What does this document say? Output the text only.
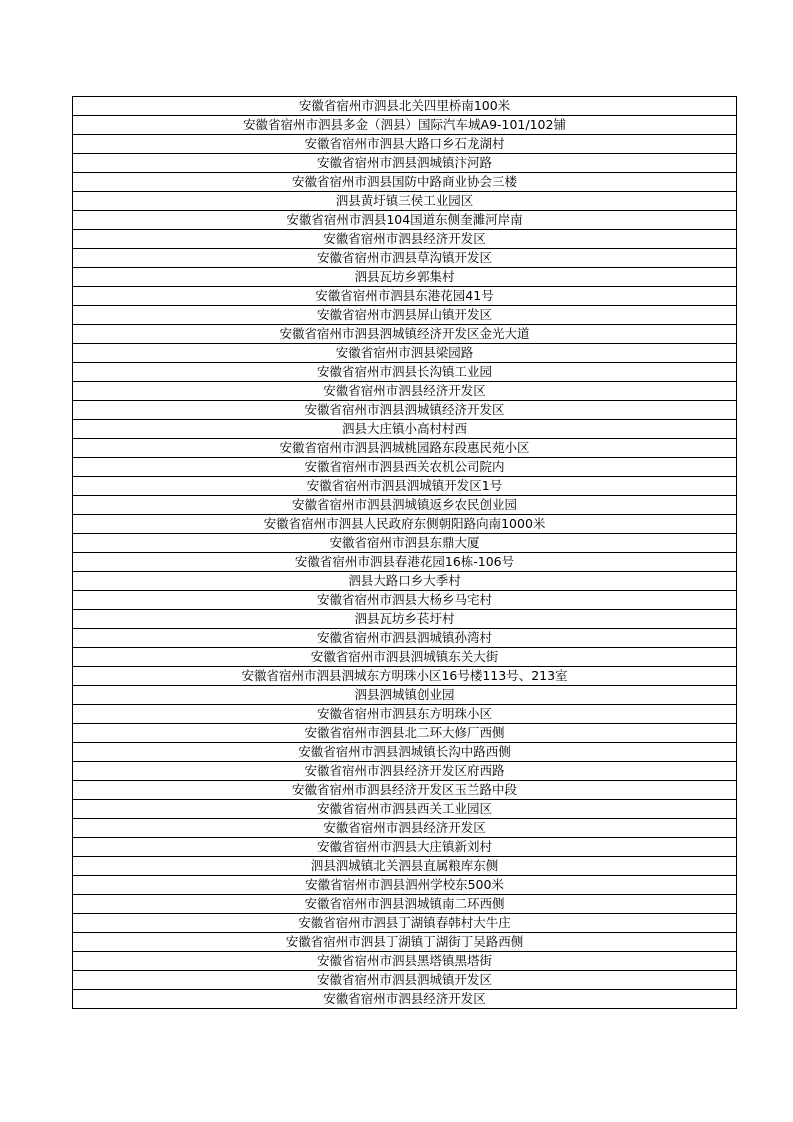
安徽省宿州市泗县北关四里桥南100米
安徽省宿州市泗县多金（泗县）国际汽车城A9-101/102铺
安徽省宿州市泗县大路口乡石龙湖村
安徽省宿州市泗县泗城镇汴河路
安徽省宿州市泗县国防中路商业协会三楼
泗县黄圩镇三侯工业园区
安徽省宿州市泗县104国道东侧奎濉河岸南
安徽省宿州市泗县经济开发区
安徽省宿州市泗县草沟镇开发区
泗县瓦坊乡郭集村
安徽省宿州市泗县东港花园41号
安徽省宿州市泗县屏山镇开发区
安徽省宿州市泗县泗城镇经济开发区金光大道
安徽省宿州市泗县梁园路
安徽省宿州市泗县长沟镇工业园
安徽省宿州市泗县经济开发区
安徽省宿州市泗县泗城镇经济开发区
泗县大庄镇小高村村西
安徽省宿州市泗县泗城桃园路东段惠民苑小区
安徽省宿州市泗县西关农机公司院内
安徽省宿州市泗县泗城镇开发区1号
安徽省宿州市泗县泗城镇返乡农民创业园
安徽省宿州市泗县人民政府东侧朝阳路向南1000米
安徽省宿州市泗县东鼎大厦
安徽省宿州市泗县春港花园16栋-106号
泗县大路口乡大季村
安徽省宿州市泗县大杨乡马宅村
泗县瓦坊乡苌圩村
安徽省宿州市泗县泗城镇孙湾村
安徽省宿州市泗县泗城镇东关大街
安徽省宿州市泗县泗城东方明珠小区16号楼113号、213室
泗县泗城镇创业园
安徽省宿州市泗县东方明珠小区
安徽省宿州市泗县北二环大修厂西侧
安徽省宿州市泗县泗城镇长沟中路西侧
安徽省宿州市泗县经济开发区府西路
安徽省宿州市泗县经济开发区玉兰路中段
安徽省宿州市泗县西关工业园区
安徽省宿州市泗县经济开发区
安徽省宿州市泗县大庄镇新刘村
泗县泗城镇北关泗县直属粮库东侧
安徽省宿州市泗县泗州学校东500米
安徽省宿州市泗县泗城镇南二环西侧
安徽省宿州市泗县丁湖镇春韩村大牛庄
安徽省宿州市泗县丁湖镇丁湖街丁吴路西侧
安徽省宿州市泗县黑塔镇黑塔街
安徽省宿州市泗县泗城镇开发区
安徽省宿州市泗县经济开发区
